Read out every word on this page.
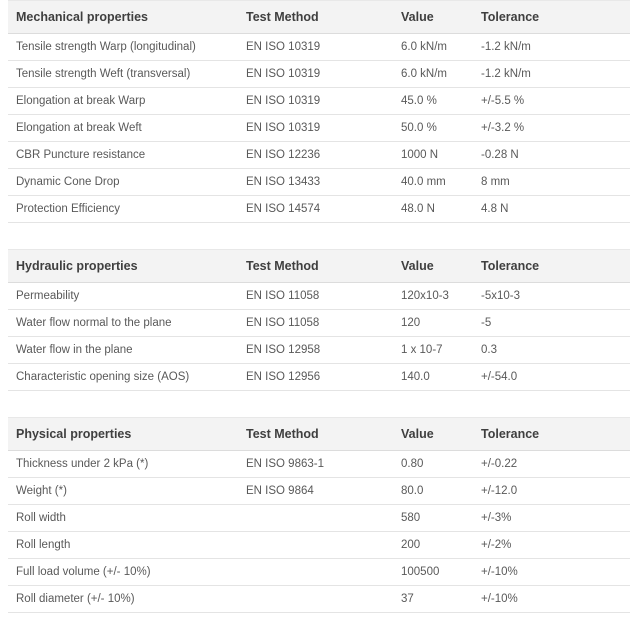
Mechanical properties	Test Method	Value	Tolerance
Tensile strength Warp (longitudinal)	EN ISO 10319	6.0 kN/m	-1.2 kN/m
Tensile strength Weft (transversal)	EN ISO 10319	6.0 kN/m	-1.2 kN/m
Elongation at break Warp	EN ISO 10319	45.0 %	+/-5.5 %
Elongation at break Weft	EN ISO 10319	50.0 %	+/-3.2 %
CBR Puncture resistance	EN ISO 12236	1000 N	-0.28 N
Dynamic Cone Drop	EN ISO 13433	40.0 mm	8 mm
Protection Efficiency	EN ISO 14574	48.0 N	4.8 N
Hydraulic properties	Test Method	Value	Tolerance
Permeability	EN ISO 11058	120x10-3	-5x10-3
Water flow normal to the plane	EN ISO 11058	120	-5
Water flow in the plane	EN ISO 12958	1 x 10-7	0.3
Characteristic opening size (AOS)	EN ISO 12956	140.0	+/-54.0
Physical properties	Test Method	Value	Tolerance
Thickness under 2 kPa (*)	EN ISO 9863-1	0.80	+/-0.22
Weight (*)	EN ISO 9864	80.0	+/-12.0
Roll width		580	+/-3%
Roll length		200	+/-2%
Full load volume (+/- 10%)		100500	+/-10%
Roll diameter (+/- 10%)		37	+/-10%
